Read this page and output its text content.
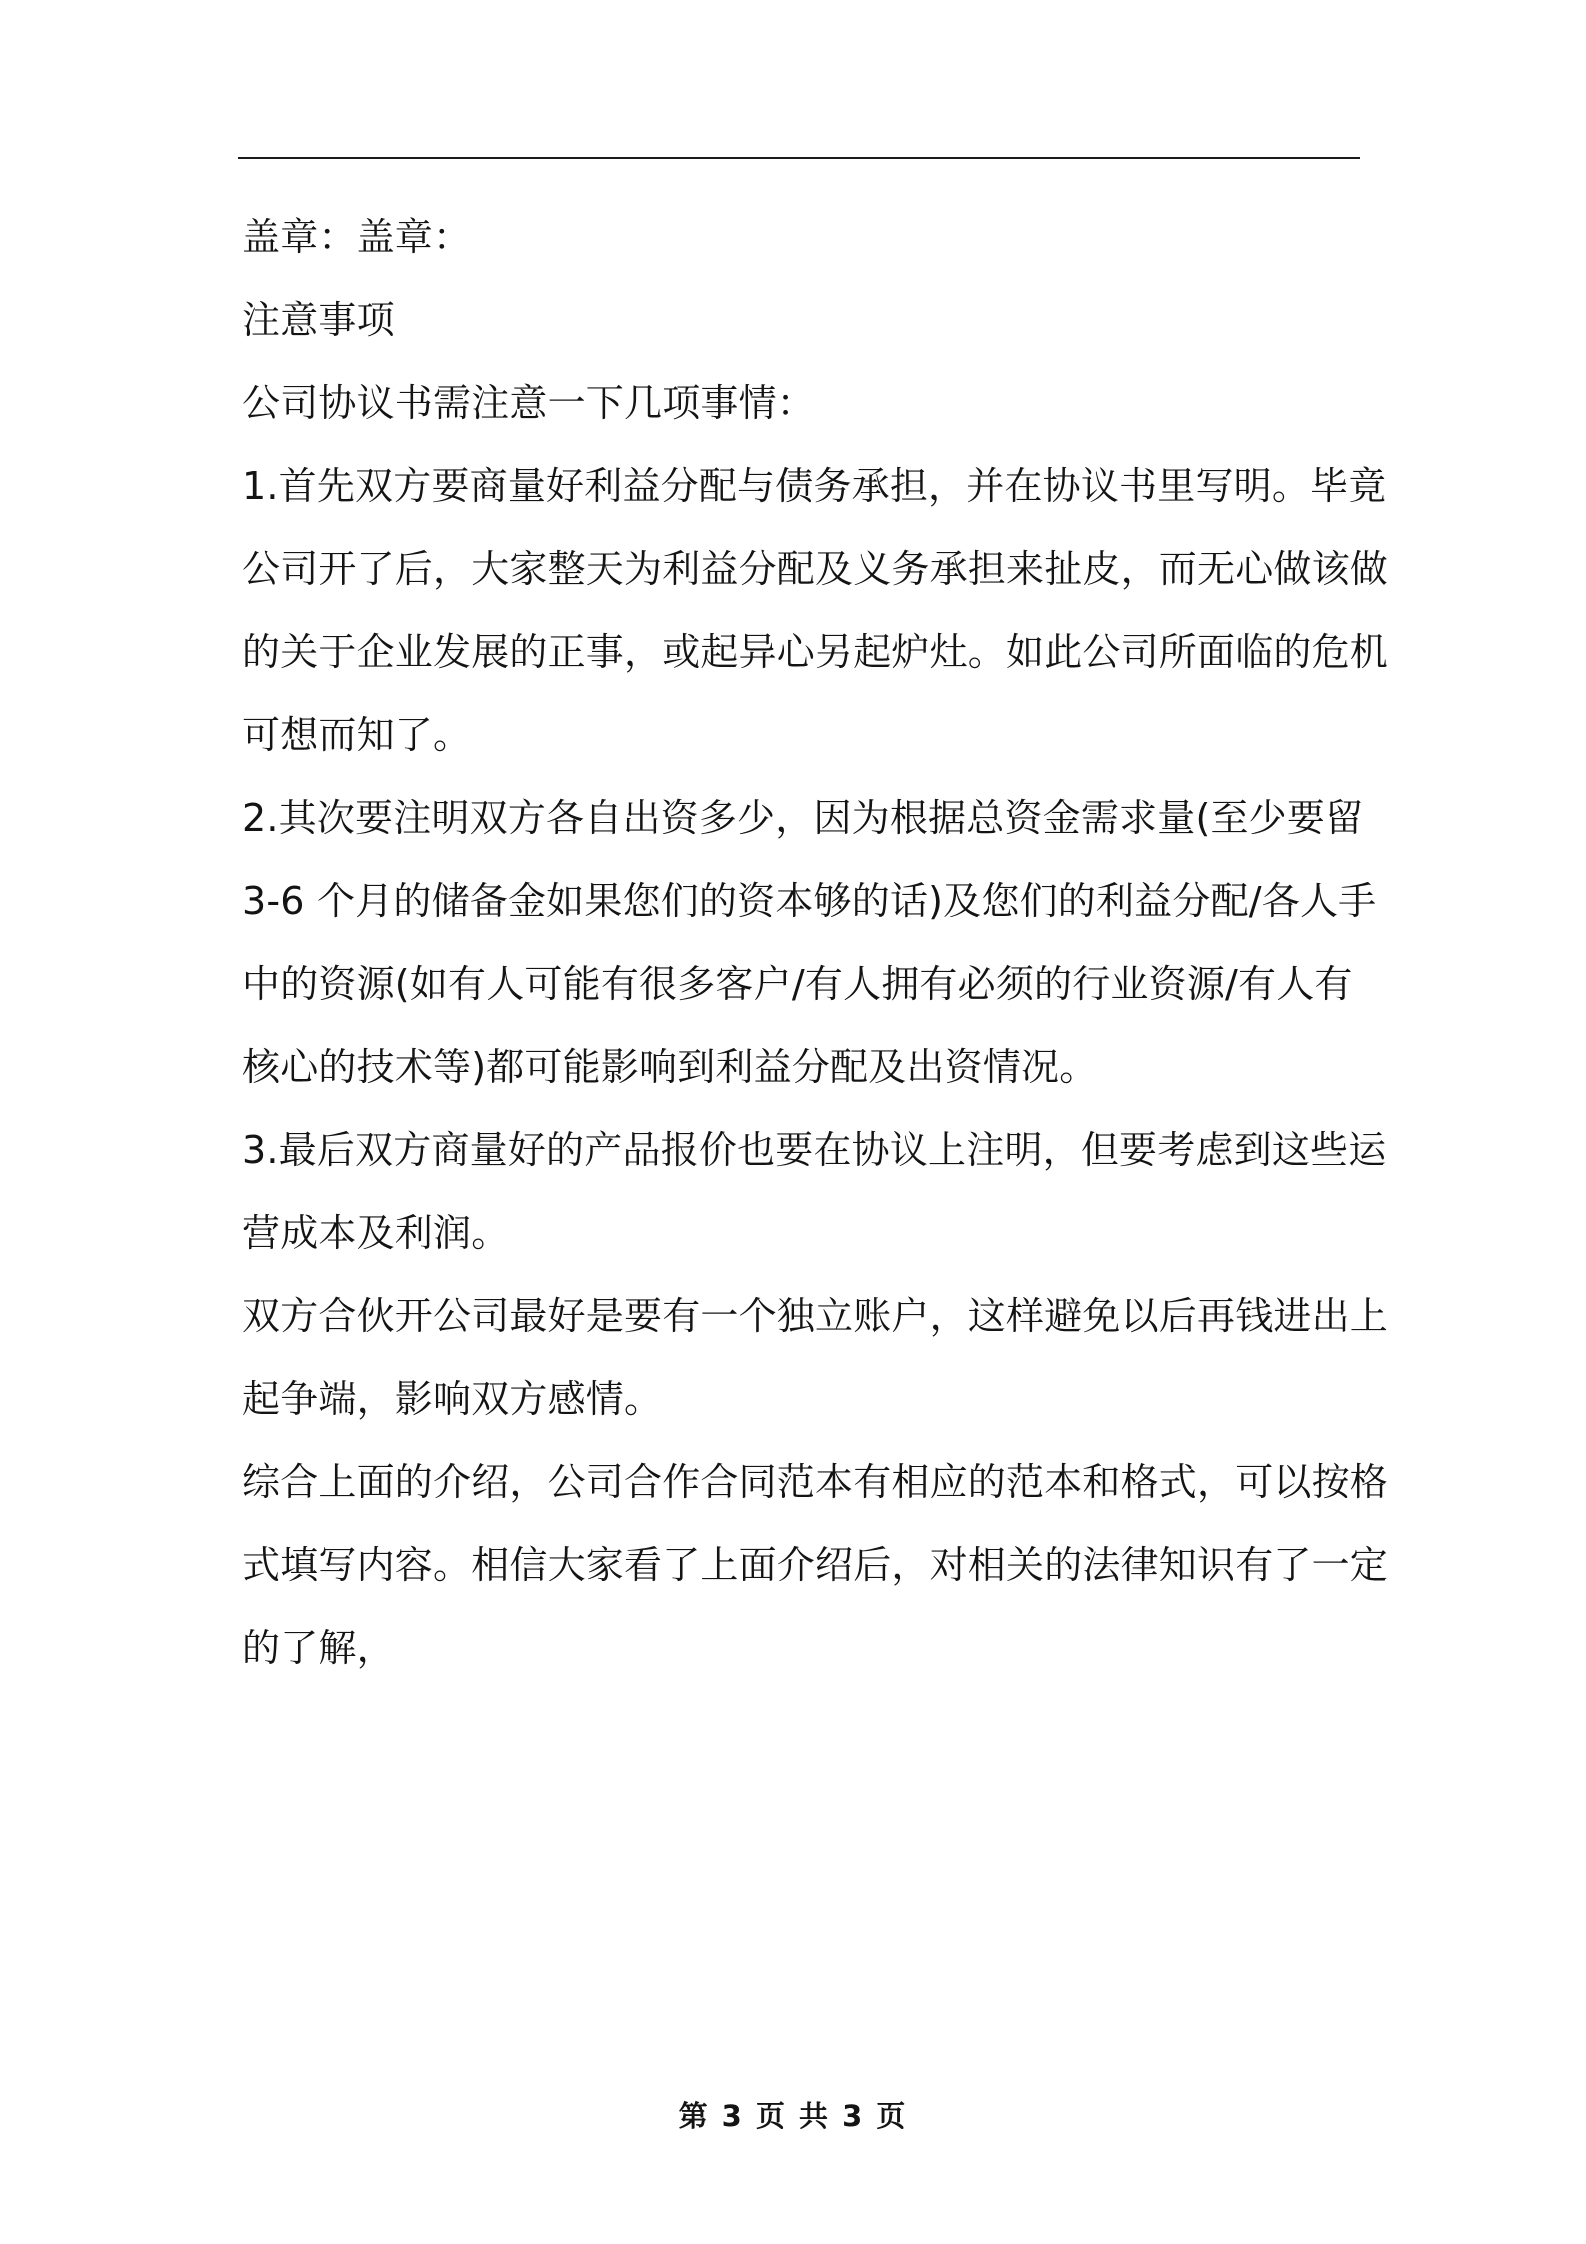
盖章：盖章：
注意事项
公司协议书需注意一下几项事情：
1.首先双方要商量好利益分配与债务承担，并在协议书里写明。毕竟
公司开了后，大家整天为利益分配及义务承担来扯皮，而无心做该做
的关于企业发展的正事，或起异心另起炉灶。如此公司所面临的危机
可想而知了。
2.其次要注明双方各自出资多少，因为根据总资金需求量(至少要留
3-6 个月的储备金如果您们的资本够的话)及您们的利益分配/各人手
中的资源(如有人可能有很多客户/有人拥有必须的行业资源/有人有
核心的技术等)都可能影响到利益分配及出资情况。
3.最后双方商量好的产品报价也要在协议上注明，但要考虑到这些运
营成本及利润。
双方合伙开公司最好是要有一个独立账户，这样避免以后再钱进出上
起争端，影响双方感情。
综合上面的介绍，公司合作合同范本有相应的范本和格式，可以按格
式填写内容。相信大家看了上面介绍后，对相关的法律知识有了一定
的了解，
第 3 页 共 3 页
